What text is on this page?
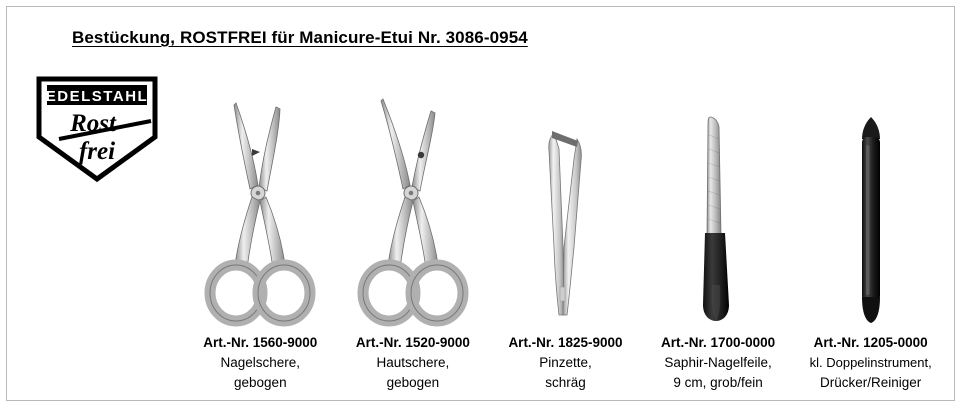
Bestückung, ROSTFREI für Manicure-Etui Nr. 3086-0954
EDELSTAHL
Rost
frei
Art.-Nr. 1560-9000
Nagelschere,
gebogen
Art.-Nr. 1520-9000
Hautschere,
gebogen
Art.-Nr. 1825-9000
Pinzette,
schräg
Art.-Nr. 1700-0000
Saphir-Nagelfeile,
9 cm, grob/fein
Art.-Nr. 1205-0000
kl. Doppelinstrument,
Drücker/Reiniger
